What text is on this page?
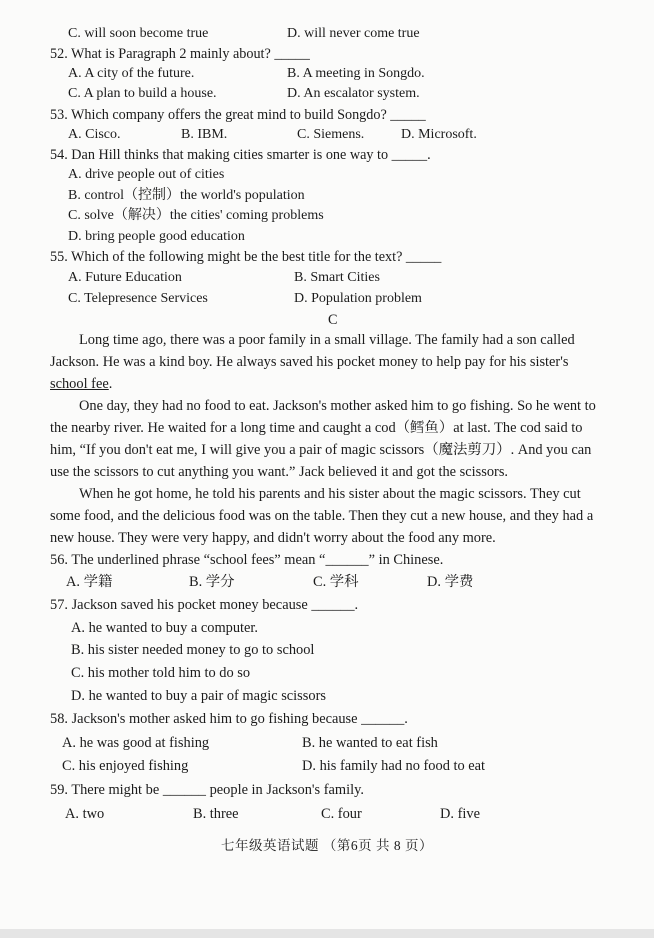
C. will soon become true	D. will never come true
52. What is Paragraph 2 mainly about? _____
A. A city of the future.	B. A meeting in Songdo.
C. A plan to build a house.	D. An escalator system.
53. Which company offers the great mind to build Songdo? _____
A. Cisco.	B. IBM.	C. Siemens.	D. Microsoft.
54. Dan Hill thinks that making cities smarter is one way to _____.
A. drive people out of cities
B. control（控制）the world's population
C. solve（解决）the cities' coming problems
D. bring people good education
55. Which of the following might be the best title for the text? _____
A. Future Education	B. Smart Cities
C. Telepresence Services	D. Population problem
C
Long time ago, there was a poor family in a small village. The family had a son called
Jackson. He was a kind boy. He always saved his pocket money to help pay for his sister's
school fee.
One day, they had no food to eat. Jackson's mother asked him to go fishing. So he went to
the nearby river. He waited for a long time and caught a cod（鳕鱼）at last. The cod said to
him, “If you don't eat me, I will give you a pair of magic scissors（魔法剪刀）. And you can
use the scissors to cut anything you want.” Jack believed it and got the scissors.
When he got home, he told his parents and his sister about the magic scissors. They cut
some food, and the delicious food was on the table. Then they cut a new house, and they had a
new house. They were very happy, and didn't worry about the food any more.
56. The underlined phrase “school fees” mean “______” in Chinese.
A. 学籍	B. 学分	C. 学科	D. 学费
57. Jackson saved his pocket money because ______.
A. he wanted to buy a computer.
B. his sister needed money to go to school
C. his mother told him to do so
D. he wanted to buy a pair of magic scissors
58. Jackson's mother asked him to go fishing because ______.
A. he was good at fishing	B. he wanted to eat fish
C. his enjoyed fishing	D. his family had no food to eat
59. There might be ______ people in Jackson's family.
A. two	B. three	C. four	D. five
七年级英语试题 （第6页 共 8 页）
